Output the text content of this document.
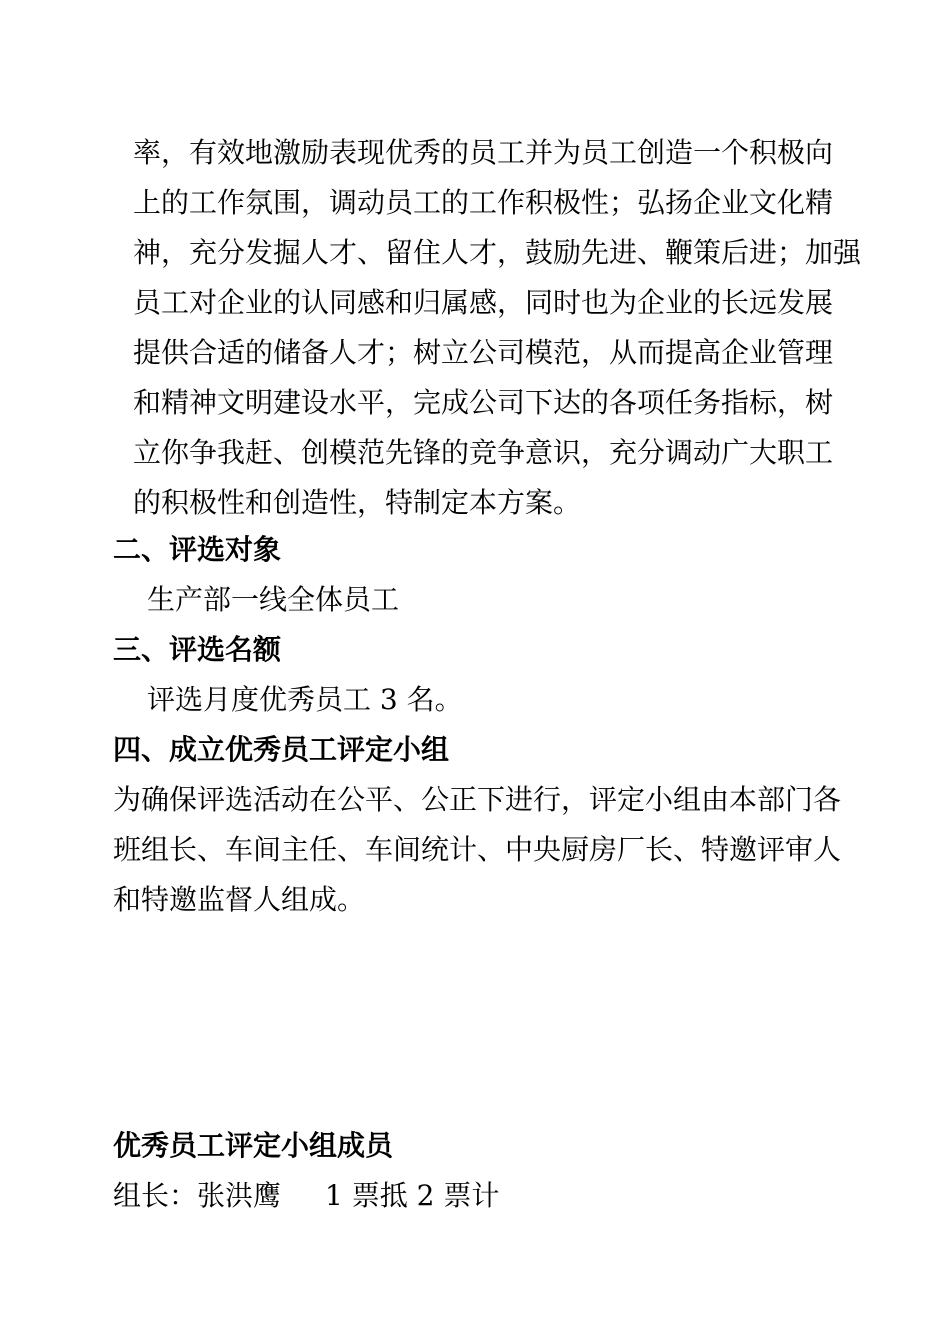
率，有效地激励表现优秀的员工并为员工创造一个积极向
上的工作氛围，调动员工的工作积极性；弘扬企业文化精
神，充分发掘人才、留住人才，鼓励先进、鞭策后进；加强
员工对企业的认同感和归属感，同时也为企业的长远发展
提供合适的储备人才；树立公司模范，从而提高企业管理
和精神文明建设水平，完成公司下达的各项任务指标，树
立你争我赶、创模范先锋的竞争意识，充分调动广大职工
的积极性和创造性，特制定本方案。
二、评选对象
生产部一线全体员工
三、评选名额
评选月度优秀员工 3 名。
四、成立优秀员工评定小组
为确保评选活动在公平、公正下进行，评定小组由本部门各
班组长、车间主任、车间统计、中央厨房厂长、特邀评审人
和特邀监督人组成。
优秀员工评定小组成员
组长：张洪鹰 1 票抵 2 票计
